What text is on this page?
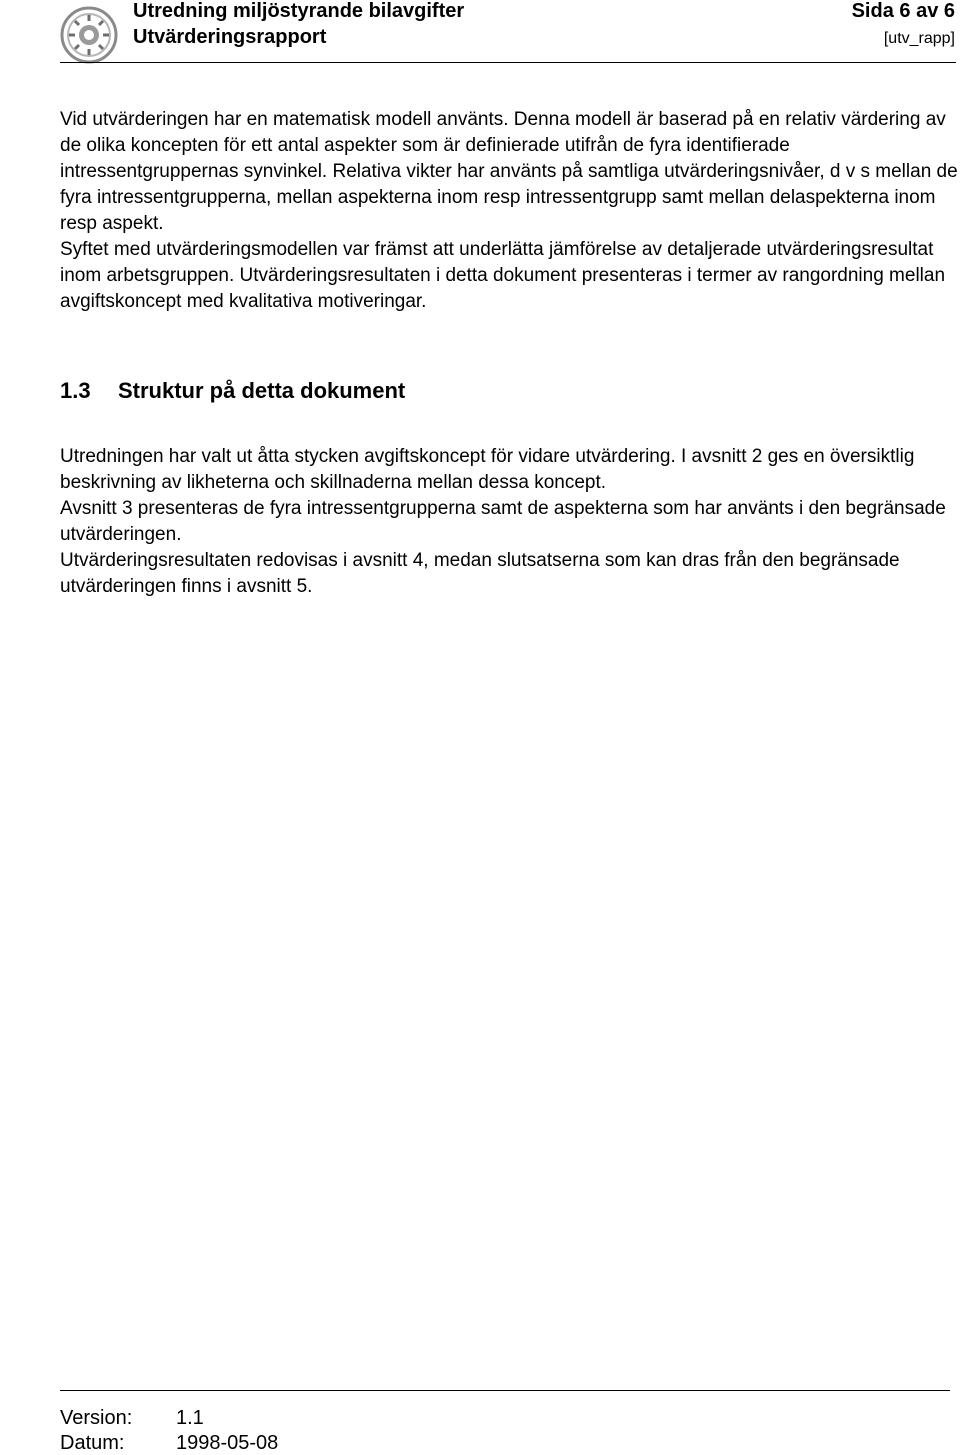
Utredning miljöstyrande bilavgifter
Utvärderingsrapport
Sida 6 av 6
[utv_rapp]

Vid utvärderingen har en matematisk modell använts. Denna modell är baserad på en relativ värdering av de olika koncepten för ett antal aspekter som är definierade utifrån de fyra identifierade intressentgruppernas synvinkel. Relativa vikter har använts på samtliga utvärderingsnivåer, d v s mellan de fyra intressentgrupperna, mellan aspekterna inom resp intressentgrupp samt mellan delaspekterna inom resp aspekt.

Syftet med utvärderingsmodellen var främst att underlätta jämförelse av detaljerade utvärderingsresultat inom arbetsgruppen. Utvärderingsresultaten i detta dokument presenteras i termer av rangordning mellan avgiftskoncept med kvalitativa motiveringar.

1.3 Struktur på detta dokument

Utredningen har valt ut åtta stycken avgiftskoncept för vidare utvärdering. I avsnitt 2 ges en översiktlig beskrivning av likheterna och skillnaderna mellan dessa koncept.

Avsnitt 3 presenteras de fyra intressentgrupperna samt de aspekterna som har använts i den begränsade utvärderingen.

Utvärderingsresultaten redovisas i avsnitt 4, medan slutsatserna som kan dras från den begränsade utvärderingen finns i avsnitt 5.

Version: 1.1
Datum:	1998-05-08
